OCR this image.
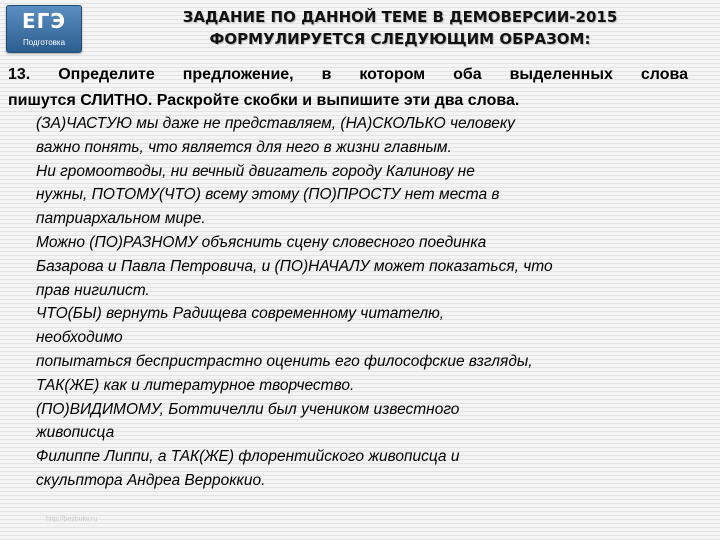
ЕГЭ
Подготовка
ЗАДАНИЕ ПО ДАННОЙ ТЕМЕ В ДЕМОВЕРСИИ-2015
ФОРМУЛИРУЕТСЯ СЛЕДУЮЩИМ ОБРАЗОМ:
13. Определите предложение, в котором оба выделенных слова
пишутся СЛИТНО. Раскройте скобки и выпишите эти два слова.
(ЗА)ЧАСТУЮ мы даже не представляем, (НА)СКОЛЬКО человеку
важно понять, что является для него в жизни главным.
Ни громоотводы, ни вечный двигатель городу Калинову не
нужны, ПОТОМУ(ЧТО) всему этому (ПО)ПРОСТУ нет места в
патриархальном мире.
Можно (ПО)РАЗНОМУ объяснить сцену словесного поединка
Базарова и Павла Петровича, и (ПО)НАЧАЛУ может показаться, что
прав нигилист.
ЧТО(БЫ) вернуть Радищева современному читателю,
необходимо
попытаться беспристрастно оценить его философские взгляды,
ТАК(ЖЕ) как и литературное творчество.
(ПО)ВИДИМОМУ, Боттичелли был учеником известного
живописца
Филиппе Липпи, а ТАК(ЖЕ) флорентийского живописца и
скульптора Андреа Верроккио.
http://bezbukv.ru
